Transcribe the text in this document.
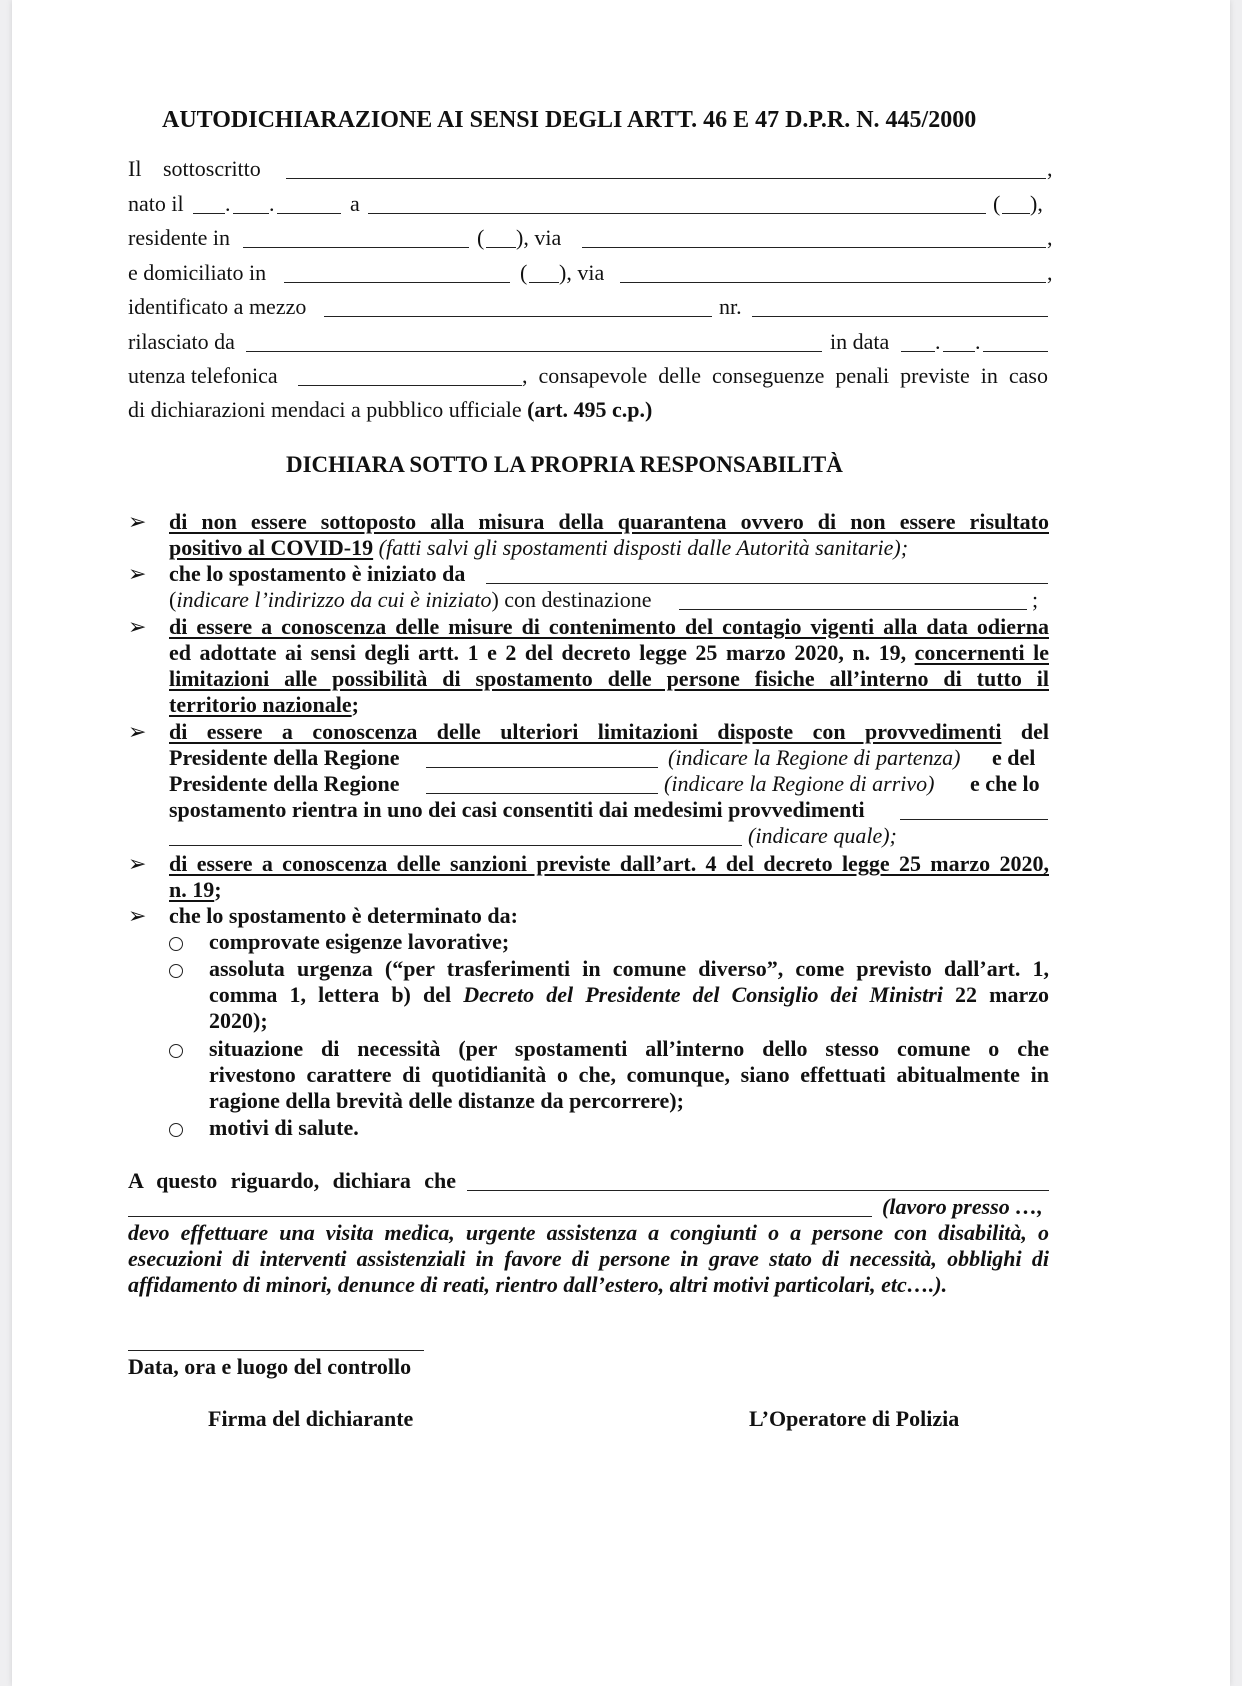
AUTODICHIARAZIONE AI SENSI DEGLI ARTT. 46 E 47 D.P.R. N. 445/2000
Il sottoscritto	,
nato il . .	a	( ),
residente in	( ), via	,
e domiciliato in	( ), via	,
identificato a mezzo	nr.
rilasciato da	in data . .
utenza telefonica	, consapevole delle conseguenze penali previste in caso
di dichiarazioni mendaci a pubblico ufficiale (art. 495 c.p.)
DICHIARA SOTTO LA PROPRIA RESPONSABILITÀ
➢ di non essere sottoposto alla misura della quarantena ovvero di non essere risultato
positivo al COVID-19 (fatti salvi gli spostamenti disposti dalle Autorità sanitarie);
➢ che lo spostamento è iniziato da
(indicare l’indirizzo da cui è iniziato) con destinazione	;
➢ di essere a conoscenza delle misure di contenimento del contagio vigenti alla data odierna
ed adottate ai sensi degli artt. 1 e 2 del decreto legge 25 marzo 2020, n. 19, concernenti le
limitazioni alle possibilità di spostamento delle persone fisiche all’interno di tutto il
territorio nazionale;
➢ di essere a conoscenza delle ulteriori limitazioni disposte con provvedimenti del
Presidente della Regione	(indicare la Regione di partenza) e del
Presidente della Regione	(indicare la Regione di arrivo) e che lo
spostamento rientra in uno dei casi consentiti dai medesimi provvedimenti
(indicare quale);
➢ di essere a conoscenza delle sanzioni previste dall’art. 4 del decreto legge 25 marzo 2020,
n. 19;
➢ che lo spostamento è determinato da:
comprovate esigenze lavorative;
assoluta urgenza (“per trasferimenti in comune diverso”, come previsto dall’art. 1,
comma 1, lettera b) del Decreto del Presidente del Consiglio dei Ministri 22 marzo
2020);
situazione di necessità (per spostamenti all’interno dello stesso comune o che
rivestono carattere di quotidianità o che, comunque, siano effettuati abitualmente in
ragione della brevità delle distanze da percorrere);
motivi di salute.
A questo riguardo, dichiara che
(lavoro presso …,
devo effettuare una visita medica, urgente assistenza a congiunti o a persone con disabilità, o
esecuzioni di interventi assistenziali in favore di persone in grave stato di necessità, obblighi di
affidamento di minori, denunce di reati, rientro dall’estero, altri motivi particolari, etc….).
Data, ora e luogo del controllo
Firma del dichiarante	L’Operatore di Polizia
